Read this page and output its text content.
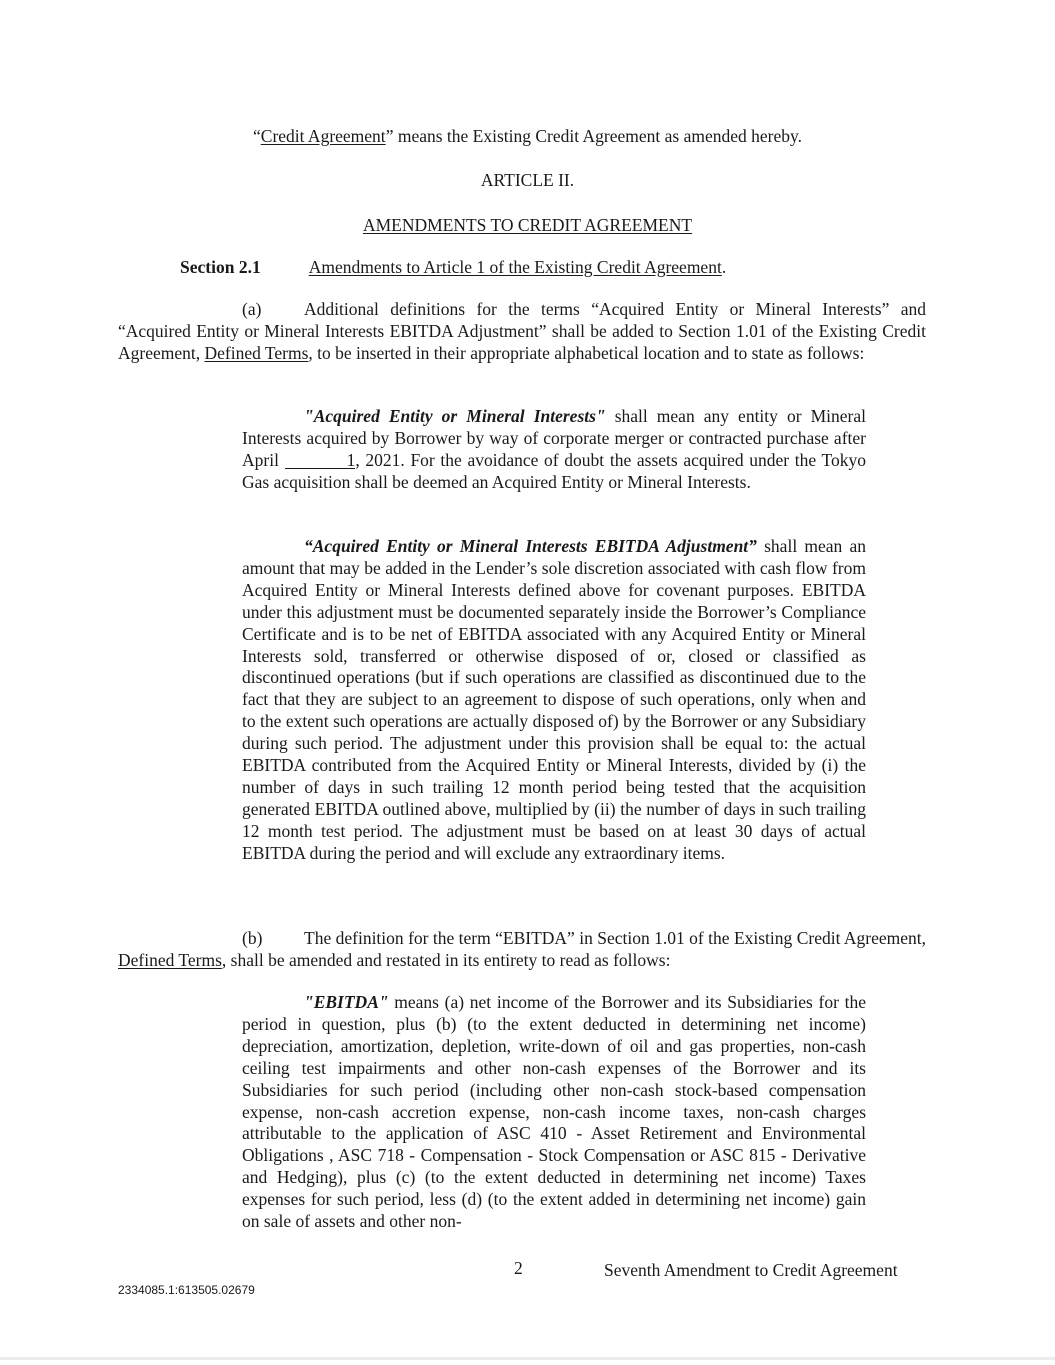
“Credit Agreement” means the Existing Credit Agreement as amended hereby.
ARTICLE II.
AMENDMENTS TO CREDIT AGREEMENT
Section 2.1	Amendments to Article 1 of the Existing Credit Agreement.

(a) Additional definitions for the terms “Acquired Entity or Mineral Interests” and “Acquired Entity or Mineral Interests EBITDA Adjustment” shall be added to Section 1.01 of the Existing Credit Agreement, Defined Terms, to be inserted in their appropriate alphabetical location and to state as follows:

"Acquired Entity or Mineral Interests" shall mean any entity or Mineral Interests acquired by Borrower by way of corporate merger or contracted purchase after April	1, 2021. For the avoidance of doubt the assets acquired under the Tokyo Gas acquisition shall be deemed an Acquired Entity or Mineral Interests.

“Acquired Entity or Mineral Interests EBITDA Adjustment” shall mean an amount that may be added in the Lender’s sole discretion associated with cash flow from Acquired Entity or Mineral Interests defined above for covenant purposes. EBITDA under this adjustment must be documented separately inside the Borrower’s Compliance Certificate and is to be net of EBITDA associated with any Acquired Entity or Mineral Interests sold, transferred or otherwise disposed of or, closed or classified as discontinued operations (but if such operations are classified as discontinued due to the fact that they are subject to an agreement to dispose of such operations, only when and to the extent such operations are actually disposed of) by the Borrower or any Subsidiary during such period. The adjustment under this provision shall be equal to: the actual EBITDA contributed from the Acquired Entity or Mineral Interests, divided by (i) the number of days in such trailing 12 month period being tested that the acquisition generated EBITDA outlined above, multiplied by (ii) the number of days in such trailing 12 month test period. The adjustment must be based on at least 30 days of actual EBITDA during the period and will exclude any extraordinary items.

(b) The definition for the term “EBITDA” in Section 1.01 of the Existing Credit Agreement, Defined Terms, shall be amended and restated in its entirety to read as follows:

"EBITDA" means (a) net income of the Borrower and its Subsidiaries for the period in question, plus (b) (to the extent deducted in determining net income) depreciation, amortization, depletion, write-down of oil and gas properties, non-cash ceiling test impairments and other non-cash expenses of the Borrower and its Subsidiaries for such period (including other non-cash stock-based compensation expense, non-cash accretion expense, non-cash income taxes, non-cash charges attributable to the application of ASC 410 - Asset Retirement and Environmental Obligations , ASC 718 - Compensation - Stock Compensation or ASC 815 - Derivative and Hedging), plus (c) (to the extent deducted in determining net income) Taxes expenses for such period, less (d) (to the extent added in determining net income) gain on sale of assets and other non-

2	Seventh Amendment to Credit Agreement
2334085.1:613505.02679
